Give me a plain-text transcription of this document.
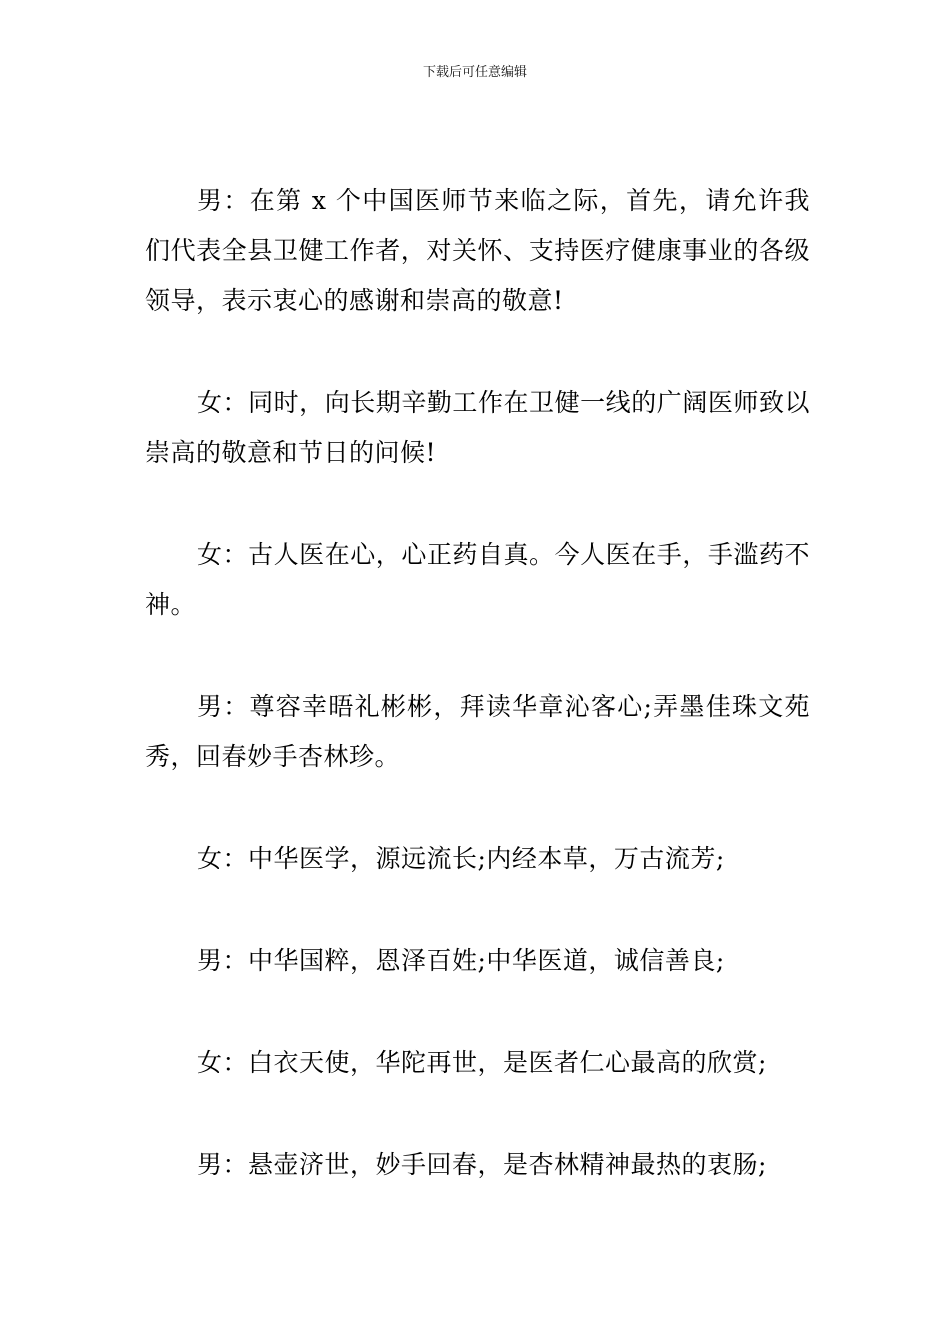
下载后可任意编辑

男：在第 x 个中国医师节来临之际，首先，请允许我们代表全县卫健工作者，对关怀、支持医疗健康事业的各级领导，表示衷心的感谢和崇高的敬意!

女：同时，向长期辛勤工作在卫健一线的广阔医师致以崇高的敬意和节日的问候!

女：古人医在心，心正药自真。今人医在手，手滥药不神。

男：尊容幸晤礼彬彬，拜读华章沁客心;弄墨佳珠文苑秀，回春妙手杏林珍。

女：中华医学，源远流长;内经本草，万古流芳;

男：中华国粹，恩泽百姓;中华医道，诚信善良;

女：白衣天使，华陀再世，是医者仁心最高的欣赏;

男：悬壶济世，妙手回春，是杏林精神最热的衷肠;
